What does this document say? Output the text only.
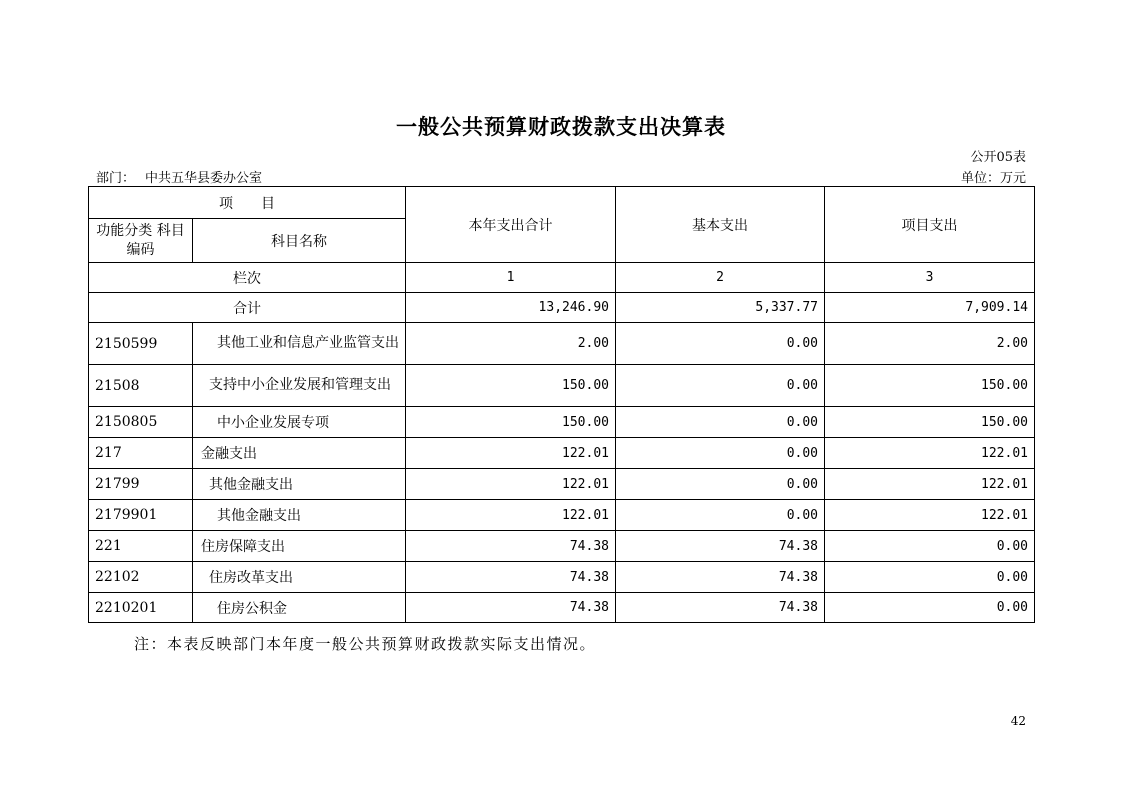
一般公共预算财政拨款支出决算表
公开05表
部门： 中共五华县委办公室	单位：万元
项　　目		本年支出合计	基本支出	项目支出
功能分类 科目编码	科目名称			
栏次		1	2	3
合计		13,246.90	5,337.77	7,909.14
2150599	其他工业和信息产业监管支出	2.00	0.00	2.00
21508	支持中小企业发展和管理支出	150.00	0.00	150.00
2150805	中小企业发展专项	150.00	0.00	150.00
217	金融支出	122.01	0.00	122.01
21799	其他金融支出	122.01	0.00	122.01
2179901	其他金融支出	122.01	0.00	122.01
221	住房保障支出	74.38	74.38	0.00
22102	住房改革支出	74.38	74.38	0.00
2210201	住房公积金	74.38	74.38	0.00
注：本表反映部门本年度一般公共预算财政拨款实际支出情况。
42
